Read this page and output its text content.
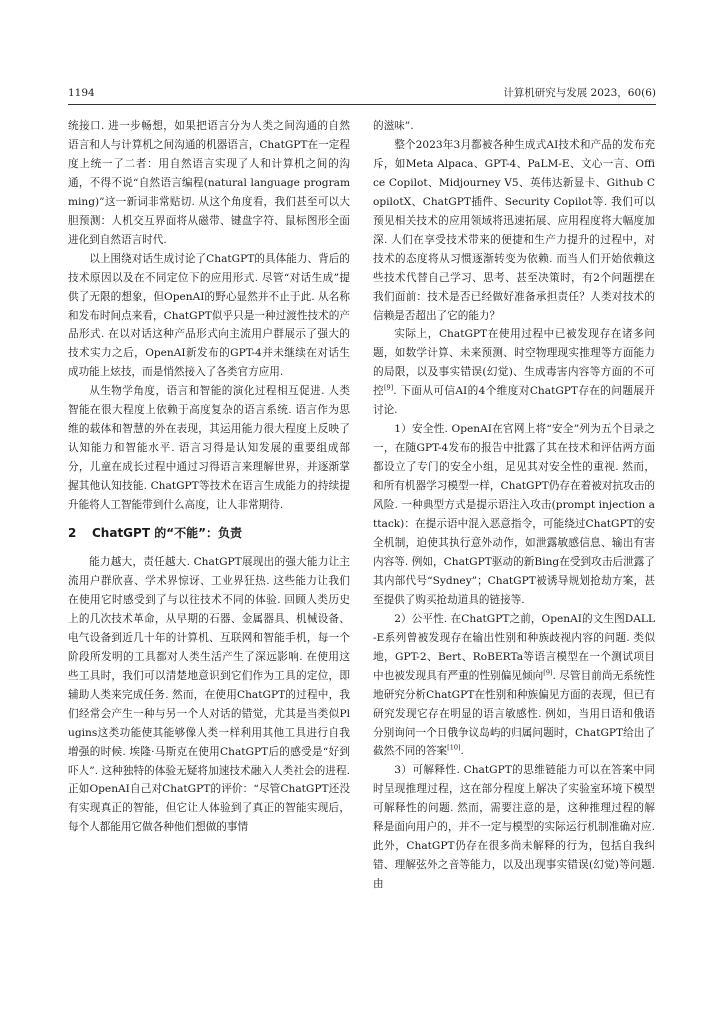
1194	计算机研究与发展 2023，60(6)

统接口. 进一步畅想，如果把语言分为人类之间沟通的自然语言和人与计算机之间沟通的机器语言，ChatGPT在一定程度上统一了二者：用自然语言实现了人和计算机之间的沟通，不得不说“自然语言编程(natural language programming)”这一新词非常贴切. 从这个角度看，我们甚至可以大胆预测：人机交互界面将从磁带、键盘字符、鼠标图形全面进化到自然语言时代.

以上围绕对话生成讨论了ChatGPT的具体能力、背后的技术原因以及在不同定位下的应用形式. 尽管“对话生成”提供了无限的想象，但OpenAI的野心显然并不止于此. 从名称和发布时间点来看，ChatGPT似乎只是一种过渡性技术的产品形式. 在以对话这种产品形式向主流用户群展示了强大的技术实力之后，OpenAI新发布的GPT-4并未继续在对话生成功能上炫技，而是悄然接入了各类官方应用.

从生物学角度，语言和智能的演化过程相互促进. 人类智能在很大程度上依赖于高度复杂的语言系统. 语言作为思维的载体和智慧的外在表现，其运用能力很大程度上反映了认知能力和智能水平. 语言习得是认知发展的重要组成部分，儿童在成长过程中通过习得语言来理解世界，并逐渐掌握其他认知技能. ChatGPT等技术在语言生成能力的持续提升能将人工智能带到什么高度，让人非常期待.

2 ChatGPT 的“不能”：负责

能力越大，责任越大. ChatGPT展现出的强大能力让主流用户群欣喜、学术界惊讶、工业界狂热. 这些能力让我们在使用它时感受到了与以往技术不同的体验. 回顾人类历史上的几次技术革命，从早期的石器、金属器具、机械设备、电气设备到近几十年的计算机、互联网和智能手机，每一个阶段所发明的工具都对人类生活产生了深远影响. 在使用这些工具时，我们可以清楚地意识到它们作为工具的定位，即辅助人类来完成任务. 然而，在使用ChatGPT的过程中，我们经常会产生一种与另一个人对话的错觉，尤其是当类似Plugins这类功能使其能够像人类一样利用其他工具进行自我增强的时候. 埃隆·马斯克在使用ChatGPT后的感受是“好到吓人”. 这种独特的体验无疑将加速技术融入人类社会的进程. 正如OpenAI自己对ChatGPT的评价：“尽管ChatGPT还没有实现真正的智能，但它让人体验到了真正的智能实现后，每个人都能用它做各种他们想做的事情

的滋味”.

整个2023年3月都被各种生成式AI技术和产品的发布充斥，如Meta Alpaca、GPT-4、PaLM-E、文心一言、Office Copilot、Midjourney V5、英伟达新显卡、Github CopilotX、ChatGPT插件、Security Copilot等. 我们可以预见相关技术的应用领域将迅速拓展、应用程度将大幅度加深. 人们在享受技术带来的便捷和生产力提升的过程中，对技术的态度将从习惯逐渐转变为依赖. 而当人们开始依赖这些技术代替自己学习、思考、甚至决策时，有2个问题摆在我们面前：技术是否已经做好准备承担责任？人类对技术的信赖是否超出了它的能力？

实际上，ChatGPT在使用过程中已被发现存在诸多问题，如数学计算、未来预测、时空物理现实推理等方面能力的局限，以及事实错误(幻觉)、生成毒害内容等方面的不可控[9]. 下面从可信AI的4个维度对ChatGPT存在的问题展开讨论.

1）安全性. OpenAI在官网上将“安全”列为五个目录之一，在随GPT-4发布的报告中批露了其在技术和评估两方面都设立了专门的安全小组，足见其对安全性的重视. 然而，和所有机器学习模型一样，ChatGPT仍存在着被对抗攻击的风险. 一种典型方式是提示语注入攻击(prompt injection attack)：在提示语中混入恶意指令，可能绕过ChatGPT的安全机制，迫使其执行意外动作，如泄露敏感信息、输出有害内容等. 例如，ChatGPT驱动的新Bing在受到攻击后泄露了其内部代号“Sydney”；ChatGPT被诱导规划抢劫方案，甚至提供了购买抢劫道具的链接等.

2）公平性. 在ChatGPT之前，OpenAI的文生图DALL-E系列曾被发现存在输出性别和种族歧视内容的问题. 类似地，GPT-2、Bert、RoBERTa等语言模型在一个测试项目中也被发现具有严重的性别偏见倾向[9]. 尽管目前尚无系统性地研究分析ChatGPT在性别和种族偏见方面的表现，但已有研究发现它存在明显的语言敏感性. 例如，当用日语和俄语分别询问一个日俄争议岛屿的归属问题时，ChatGPT给出了截然不同的答案[10].

3）可解释性. ChatGPT的思维链能力可以在答案中同时呈现推理过程，这在部分程度上解决了实验室环境下模型可解释性的问题. 然而，需要注意的是，这种推理过程的解释是面向用户的，并不一定与模型的实际运行机制准确对应. 此外，ChatGPT仍存在很多尚未解释的行为，包括自我纠错、理解弦外之音等能力，以及出现事实错误(幻觉)等问题. 由
